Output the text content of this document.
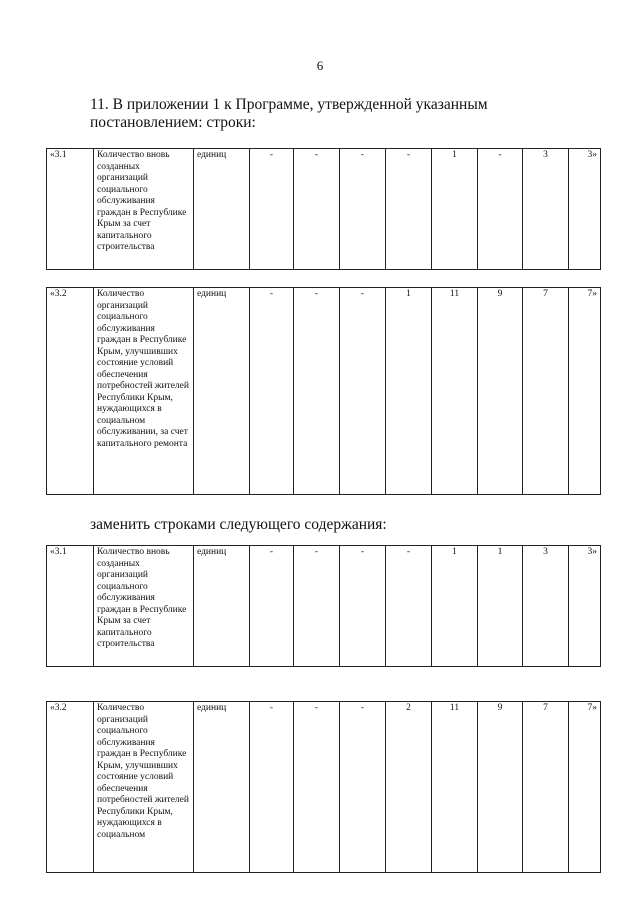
6
11. В приложении 1 к Программе, утвержденной указанным постановлением: строки:
«3.1	Количество вновь созданных организаций социального обслуживания граждан в Республике Крым за счет капитального строительства	единиц	-	-	-	-	1	-	3	3»
«3.2	Количество организаций социального обслуживания граждан в Республике Крым, улучшивших состояние условий обеспечения потребностей жителей Республики Крым, нуждающихся в социальном обслуживании, за счет капитального ремонта	единиц	-	-	-	1	11	9	7	7»
заменить строками следующего содержания:
«3.1	Количество вновь созданных организаций социального обслуживания граждан в Республике Крым за счет капитального строительства	единиц	-	-	-	-	1	1	3	3»
«3.2	Количество организаций социального обслуживания граждан в Республике Крым, улучшивших состояние условий обеспечения потребностей жителей Республики Крым, нуждающихся в социальном	единиц	-	-	-	2	11	9	7	7»
